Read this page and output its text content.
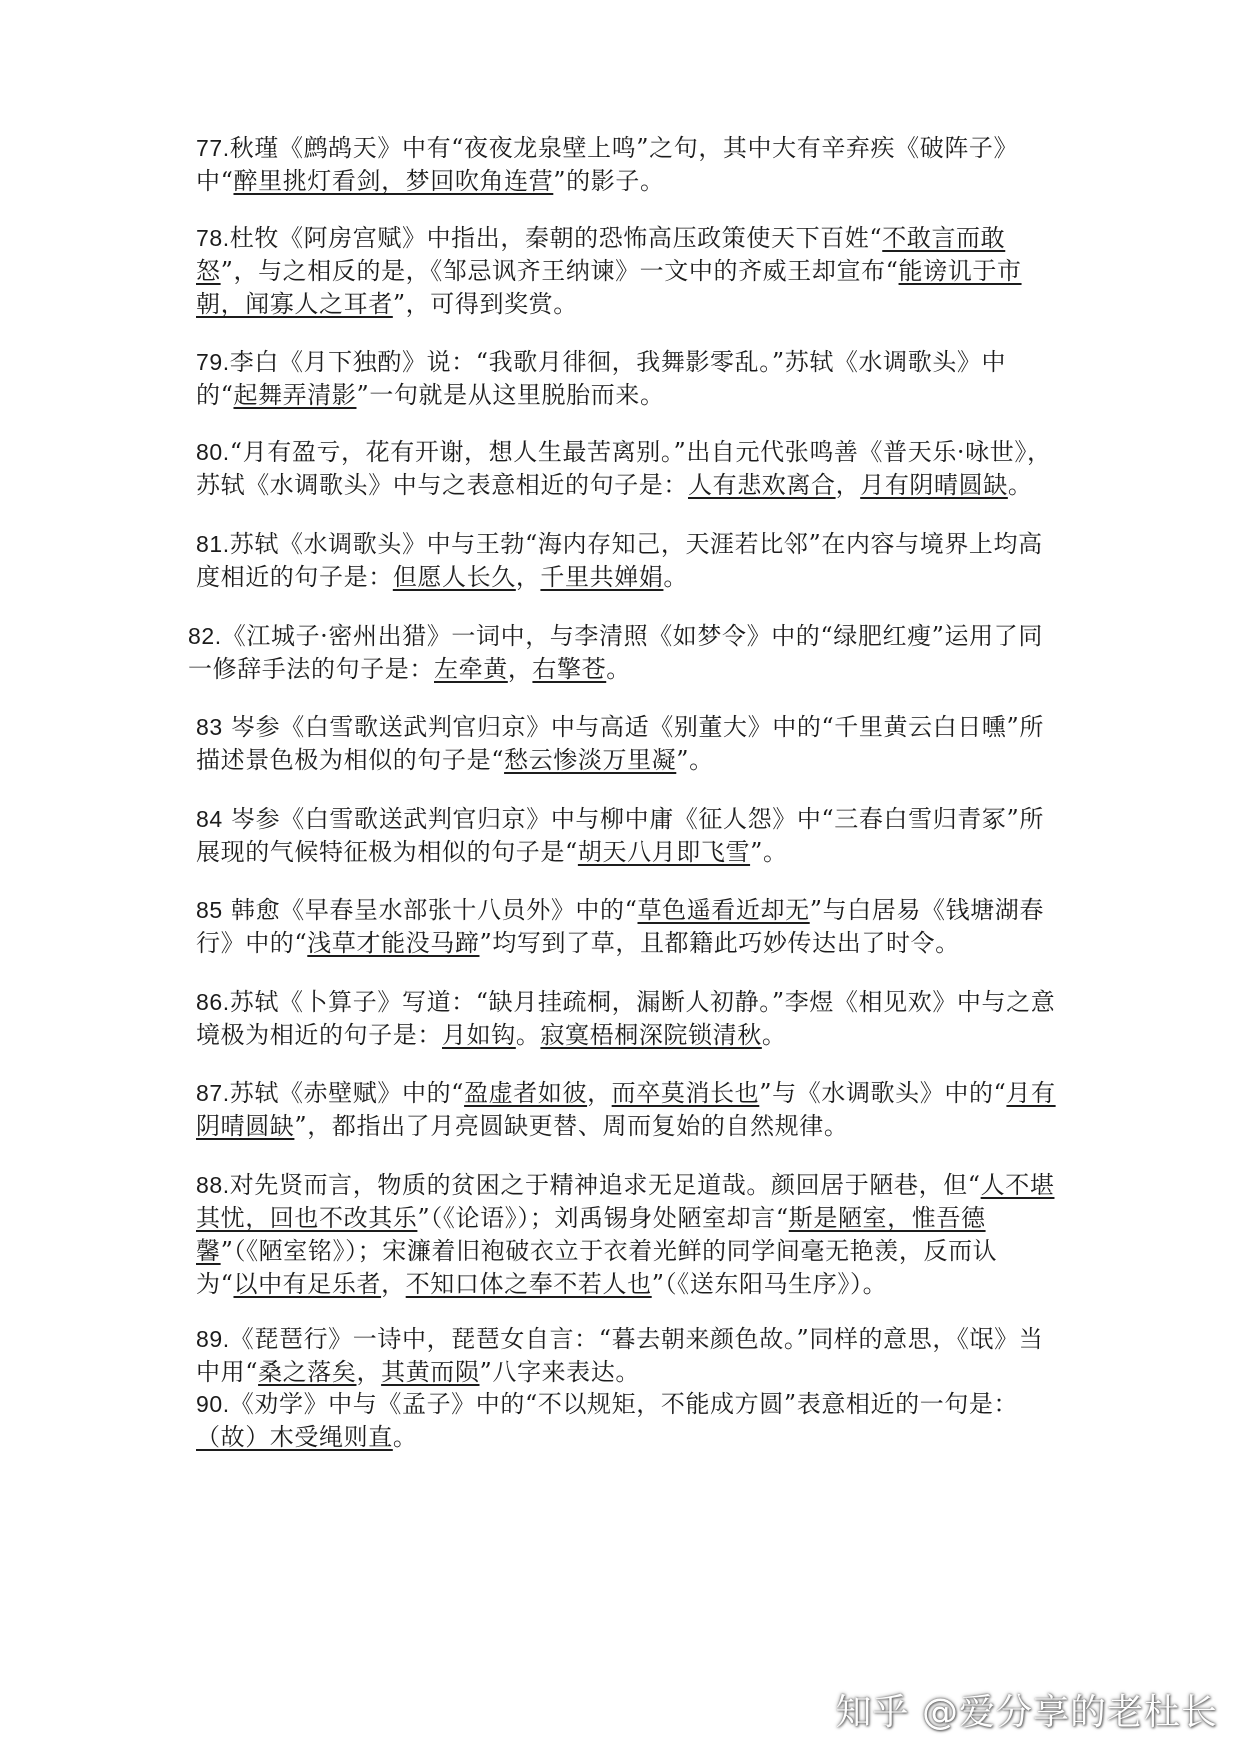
77.秋瑾《鹧鸪天》中有“夜夜龙泉壁上鸣”之句，其中大有辛弃疾《破阵子》中“醉里挑灯看剑，梦回吹角连营”的影子。

78.杜牧《阿房宫赋》中指出，秦朝的恐怖高压政策使天下百姓“不敢言而敢怒”，与之相反的是，《邹忌讽齐王纳谏》一文中的齐威王却宣布“能谤讥于市朝，闻寡人之耳者”，可得到奖赏。

79.李白《月下独酌》说：“我歌月徘徊，我舞影零乱。”苏轼《水调歌头》中的“起舞弄清影”一句就是从这里脱胎而来。

80.“月有盈亏，花有开谢，想人生最苦离别。”出自元代张鸣善《普天乐·咏世》，苏轼《水调歌头》中与之表意相近的句子是：人有悲欢离合，月有阴晴圆缺。

81.苏轼《水调歌头》中与王勃“海内存知己，天涯若比邻”在内容与境界上均高度相近的句子是：但愿人长久，千里共婵娟。

82.《江城子·密州出猎》一词中，与李清照《如梦令》中的“绿肥红瘦”运用了同一修辞手法的句子是：左牵黄，右擎苍。

83 岑参《白雪歌送武判官归京》中与高适《别董大》中的“千里黄云白日曛”所描述景色极为相似的句子是“愁云惨淡万里凝”。

84 岑参《白雪歌送武判官归京》中与柳中庸《征人怨》中“三春白雪归青冢”所展现的气候特征极为相似的句子是“胡天八月即飞雪”。

85 韩愈《早春呈水部张十八员外》中的“草色遥看近却无”与白居易《钱塘湖春行》中的“浅草才能没马蹄”均写到了草，且都籍此巧妙传达出了时令。

86.苏轼《卜算子》写道：“缺月挂疏桐，漏断人初静。”李煜《相见欢》中与之意境极为相近的句子是：月如钩。寂寞梧桐深院锁清秋。

87.苏轼《赤壁赋》中的“盈虚者如彼，而卒莫消长也”与《水调歌头》中的“月有阴晴圆缺”，都指出了月亮圆缺更替、周而复始的自然规律。

88.对先贤而言，物质的贫困之于精神追求无足道哉。颜回居于陋巷，但“人不堪其忧，回也不改其乐”（《论语》）；刘禹锡身处陋室却言“斯是陋室，惟吾德馨”（《陋室铭》）；宋濂着旧袍破衣立于衣着光鲜的同学间毫无艳羡，反而认为“以中有足乐者，不知口体之奉不若人也”（《送东阳马生序》）。

89.《琵琶行》一诗中，琵琶女自言：“暮去朝来颜色故。”同样的意思，《氓》当中用“桑之落矣，其黄而陨”八字来表达。

90.《劝学》中与《孟子》中的“不以规矩，不能成方圆”表意相近的一句是：（故）木受绳则直。

知乎 @爱分享的老杜长
